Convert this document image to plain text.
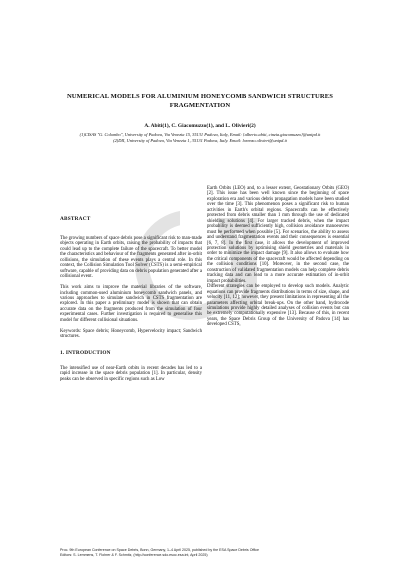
NUMERICAL MODELS FOR ALUMINIUM HONEYCOMB SANDWICH STRUCTURES FRAGMENTATION
A. Abiti(1), C. Giacomuzzo(1), and L. Olivieri(2)
(1)CISAS "G. Colombo", University of Padova, Via Venezia 15, 35131 Padova, Italy, Email: {alberto.abiti, cinzia.giacomuzzo}@unipd.it
(2)DII, University of Padova, Via Venezia 1, 35131 Padova, Italy. Email: lorenzo.olivieri@unipd.it
ABSTRACT

The growing numbers of space debris pose a significant risk to man-made objects operating in Earth orbits, raising the probability of impacts that could lead up to the complete failure of the spacecraft. To better model the characteristics and behaviour of the fragments generated after in-orbit collisions, the simulation of these events plays a central role. In this context, the Collision Simulation Tool Solver (CSTS) is a semi-empirical software, capable of providing data on debris population generated after a collisional event.

This work aims to improve the material libraries of the software, including common-used aluminium honeycomb sandwich panels, and various approaches to simulate sandwich in CSTS fragmentation are explored. In this paper a preliminary model is shown that can obtain accurate data on the fragments produced from the simulation of four experimental cases. Further investigation is required to generalise this model for different collisional situations.

Keywords: Space debris; Honeycomb, Hypervelocity impact; Sandwich structures.

1. INTRODUCTION

The intensified use of near-Earth orbits in recent decades has led to a rapid increase in the space debris population [1]. In particular, density peaks can be observed in specific regions such as Low

Earth Orbits (LEO) and, to a lesser extent, Geostationary Orbits (GEO) [2]. This issue has been well known since the beginning of space exploration era and various debris propagation models have been studied over the time [3]. This phenomenon poses a significant risk to human activities in Earth's orbital regions. Spacecrafts can be effectively protected from debris smaller than 1 mm through the use of dedicated shielding solutions [4]. For larger tracked debris, when the impact probability is deemed sufficiently high, collision avoidance manoeuvres must be performed when possible [5]. For scenarios, the ability to assess and understand fragmentation events and their consequences is essential [6, 7, 8]. In the first case, it allows the development of improved protection solutions by optimising shield geometries and materials in order to minimize the impact damage [9]. It also allows to evaluate how the critical components of the spacecraft would be affected depending on the collision conditions [10]. Moreover, in the second case, the construction of validated fragmentation models can help complete debris tracking data and can lead to a more accurate estimation of in-orbit impact probabilities.

Different strategies can be employed to develop such models. Analytic equations can provide fragments distributions in terms of size, shape, and velocity [11, 12]; however, they present limitations in representing all the parameters affecting orbital break-ups. On the other hand, hydrocode simulations provide highly detailed analyses of collision events but can be extremely computationally expensive [13]. Because of this, in recent years, the Space Debris Group of the University of Padova [14] has developed CSTS,

Proc. 9th European Conference on Space Debris, Bonn, Germany, 1–4 April 2025, published by the ESA Space Debris Office
Editors: S. Lemmens, T. Flohrer & F. Schmitz, (http://conference.sdo.esoc.esa.int, April 2025)
